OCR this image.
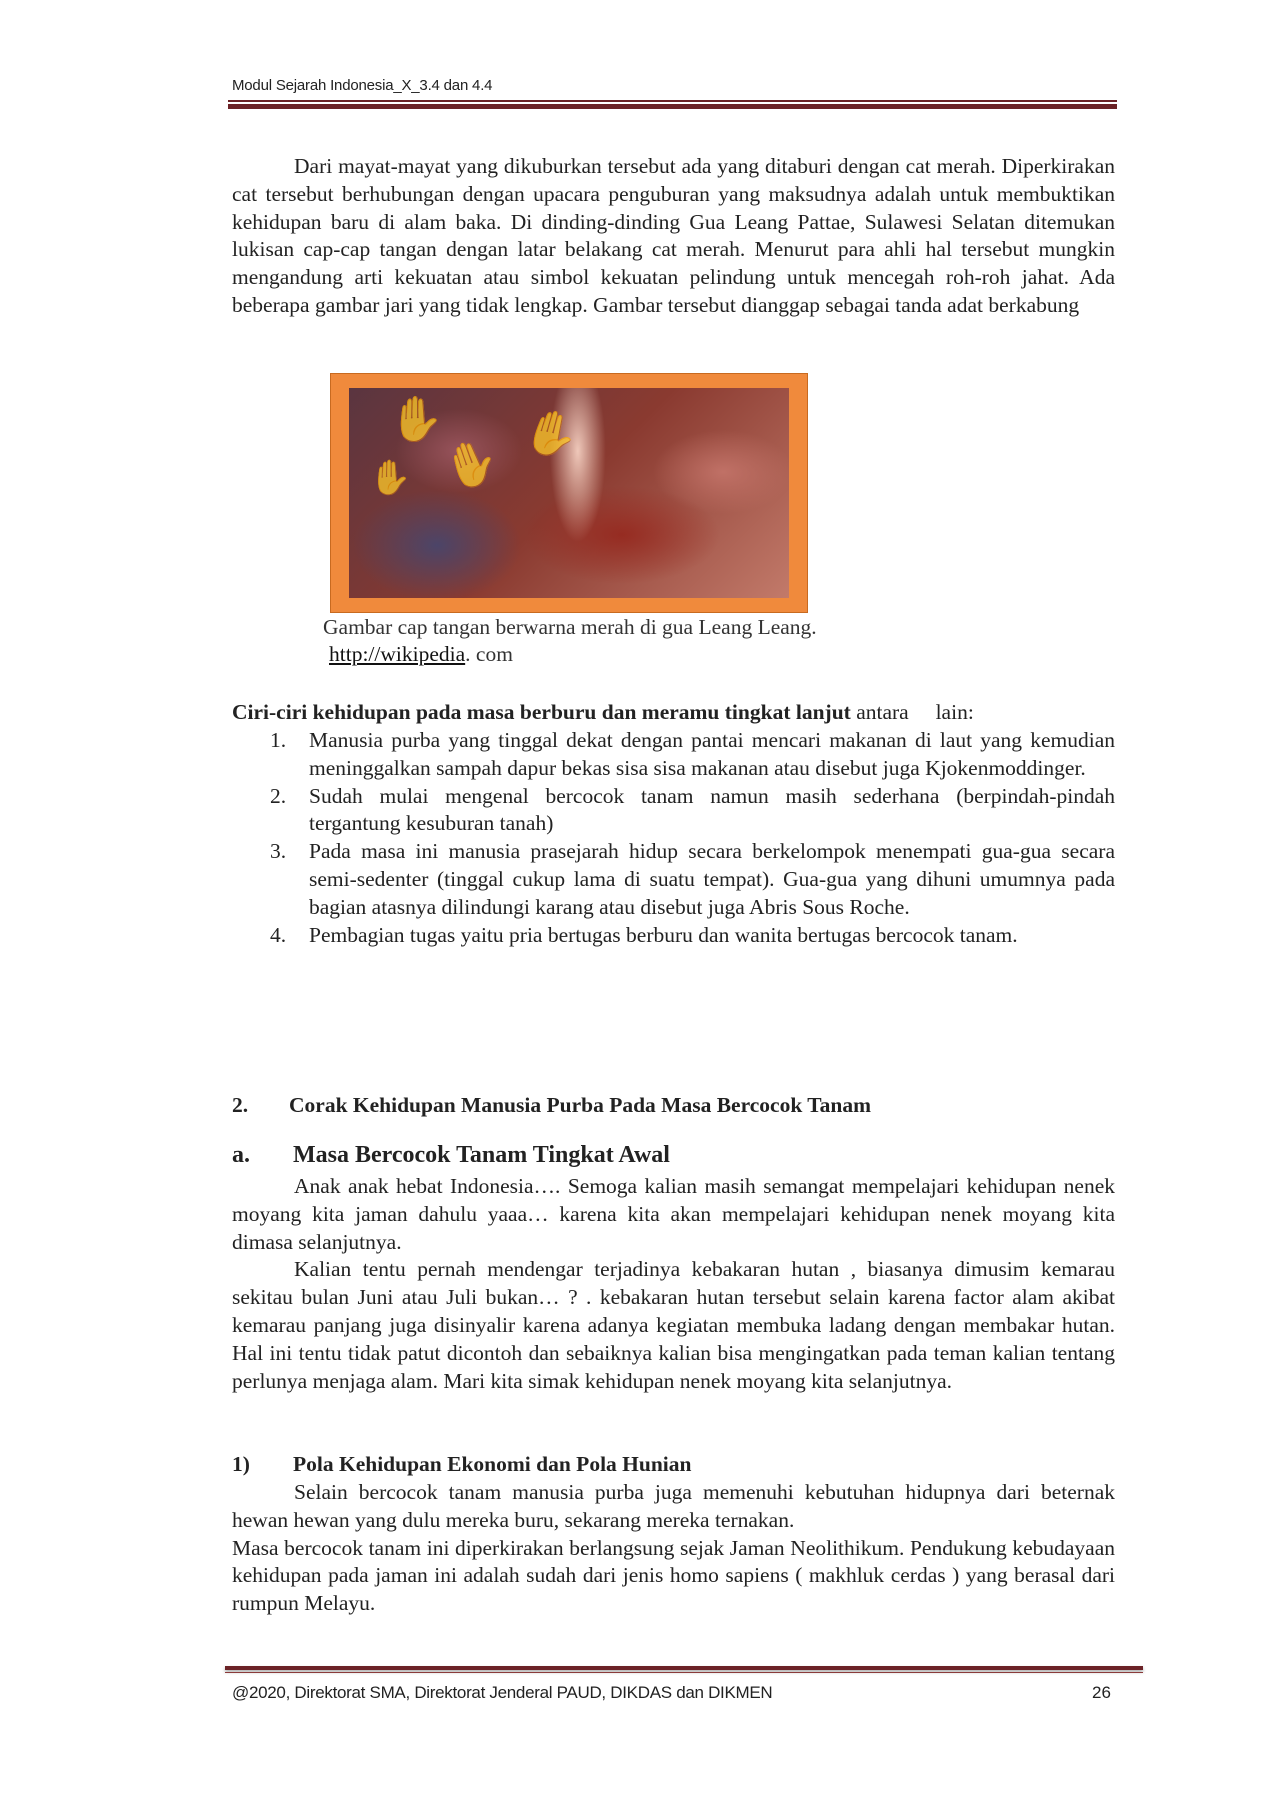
Modul Sejarah Indonesia_X_3.4 dan 4.4

Dari mayat-mayat yang dikuburkan tersebut ada yang ditaburi dengan cat merah. Diperkirakan cat tersebut berhubungan dengan upacara penguburan yang maksudnya adalah untuk membuktikan kehidupan baru di alam baka. Di dinding-dinding Gua Leang Pattae, Sulawesi Selatan ditemukan lukisan cap-cap tangan dengan latar belakang cat merah. Menurut para ahli hal tersebut mungkin mengandung arti kekuatan atau simbol kekuatan pelindung untuk mencegah roh-roh jahat. Ada beberapa gambar jari yang tidak lengkap. Gambar tersebut dianggap sebagai tanda adat berkabung

✋
✋ ✋
✋
Gambar cap tangan berwarna merah di gua Leang Leang.
http://wikipedia. com
Ciri-ciri kehidupan pada masa berburu dan meramu tingkat lanjut antara     lain:
1.	Manusia purba yang tinggal dekat dengan pantai mencari makanan di laut yang kemudian meninggalkan sampah dapur bekas sisa sisa makanan atau disebut juga Kjokenmoddinger.
2.	Sudah mulai mengenal bercocok tanam namun masih sederhana (berpindah-pindah tergantung kesuburan tanah)
3.	Pada masa ini manusia prasejarah hidup secara berkelompok menempati gua-gua secara semi-sedenter (tinggal cukup lama di suatu tempat). Gua-gua yang dihuni umumnya pada bagian atasnya dilindungi karang atau disebut juga Abris Sous Roche.
4.	Pembagian tugas yaitu pria bertugas berburu dan wanita bertugas bercocok tanam.
2. Corak Kehidupan Manusia Purba Pada Masa Bercocok Tanam
a. Masa Bercocok Tanam Tingkat Awal

Anak anak hebat Indonesia…. Semoga kalian masih semangat mempelajari kehidupan nenek moyang kita jaman dahulu yaaa… karena kita akan mempelajari kehidupan nenek moyang kita dimasa selanjutnya.

Kalian tentu pernah mendengar terjadinya kebakaran hutan , biasanya dimusim kemarau sekitau bulan Juni atau Juli bukan… ? . kebakaran hutan tersebut selain karena factor alam akibat kemarau panjang juga disinyalir karena adanya kegiatan membuka ladang dengan membakar hutan. Hal ini tentu tidak patut dicontoh dan sebaiknya kalian bisa mengingatkan pada teman kalian tentang perlunya menjaga alam. Mari kita simak kehidupan nenek moyang kita selanjutnya.

1) Pola Kehidupan Ekonomi dan Pola Hunian

Selain bercocok tanam manusia purba juga memenuhi kebutuhan hidupnya dari beternak hewan hewan yang dulu mereka buru, sekarang mereka ternakan.

Masa bercocok tanam ini diperkirakan berlangsung sejak Jaman Neolithikum. Pendukung kebudayaan kehidupan pada jaman ini adalah sudah dari jenis homo sapiens ( makhluk cerdas ) yang berasal dari rumpun Melayu.

@2020, Direktorat SMA, Direktorat Jenderal PAUD, DIKDAS dan DIKMEN	26
